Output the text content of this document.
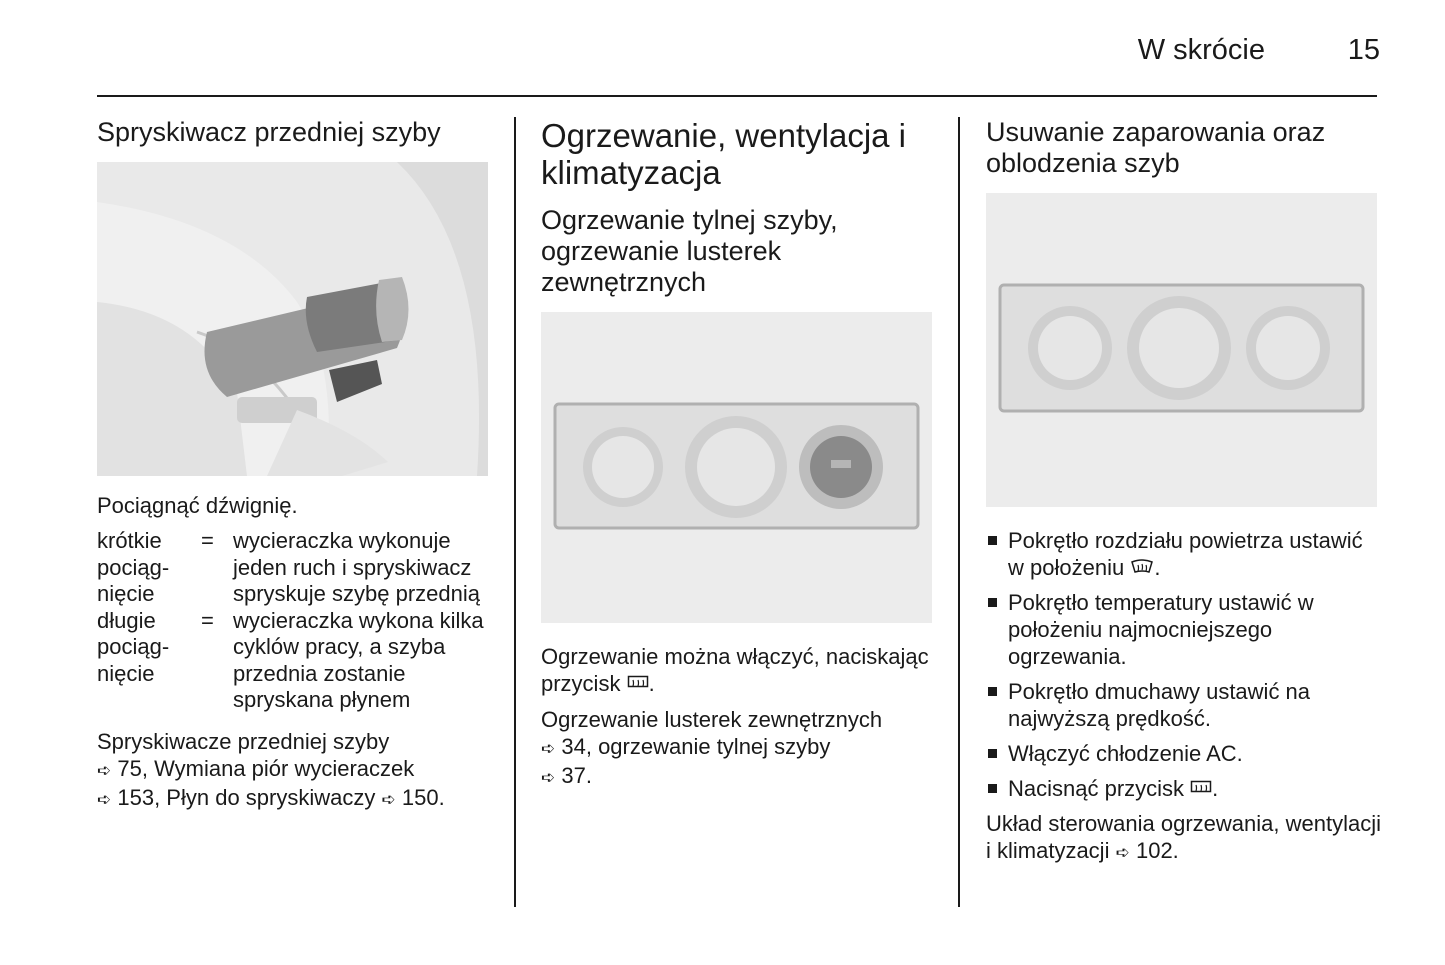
W skrócie	15
Spryskiwacz przedniej szyby

Pociągnąć dźwignię.

krótkie
pociąg-
nięcie	=	wycieraczka wykonuje jeden ruch i spryskiwacz spryskuje szybę przednią
długie
pociąg-
nięcie	=	wycieraczka wykona kilka cyklów pracy, a szyba przednia zostanie spryskana płynem

Spryskiwacze przedniej szyby
➪ 75, Wymiana piór wycieraczek
➪ 153, Płyn do spryskiwaczy ➪ 150.

Ogrzewanie, wentylacja i klimatyzacja
Ogrzewanie tylnej szyby, ogrzewanie lusterek zewnętrznych

Ogrzewanie można włączyć, naciskając przycisk .

Ogrzewanie lusterek zewnętrznych
➪ 34, ogrzewanie tylnej szyby
➪ 37.

Usuwanie zaparowania oraz oblodzenia szyb
Pokrętło rozdziału powietrza ustawić w położeniu .
Pokrętło temperatury ustawić w położeniu najmocniejszego ogrzewania.
Pokrętło dmuchawy ustawić na najwyższą prędkość.
Włączyć chłodzenie AC.
Nacisnąć przycisk .

Układ sterowania ogrzewania, wentylacji i klimatyzacji ➪ 102.
